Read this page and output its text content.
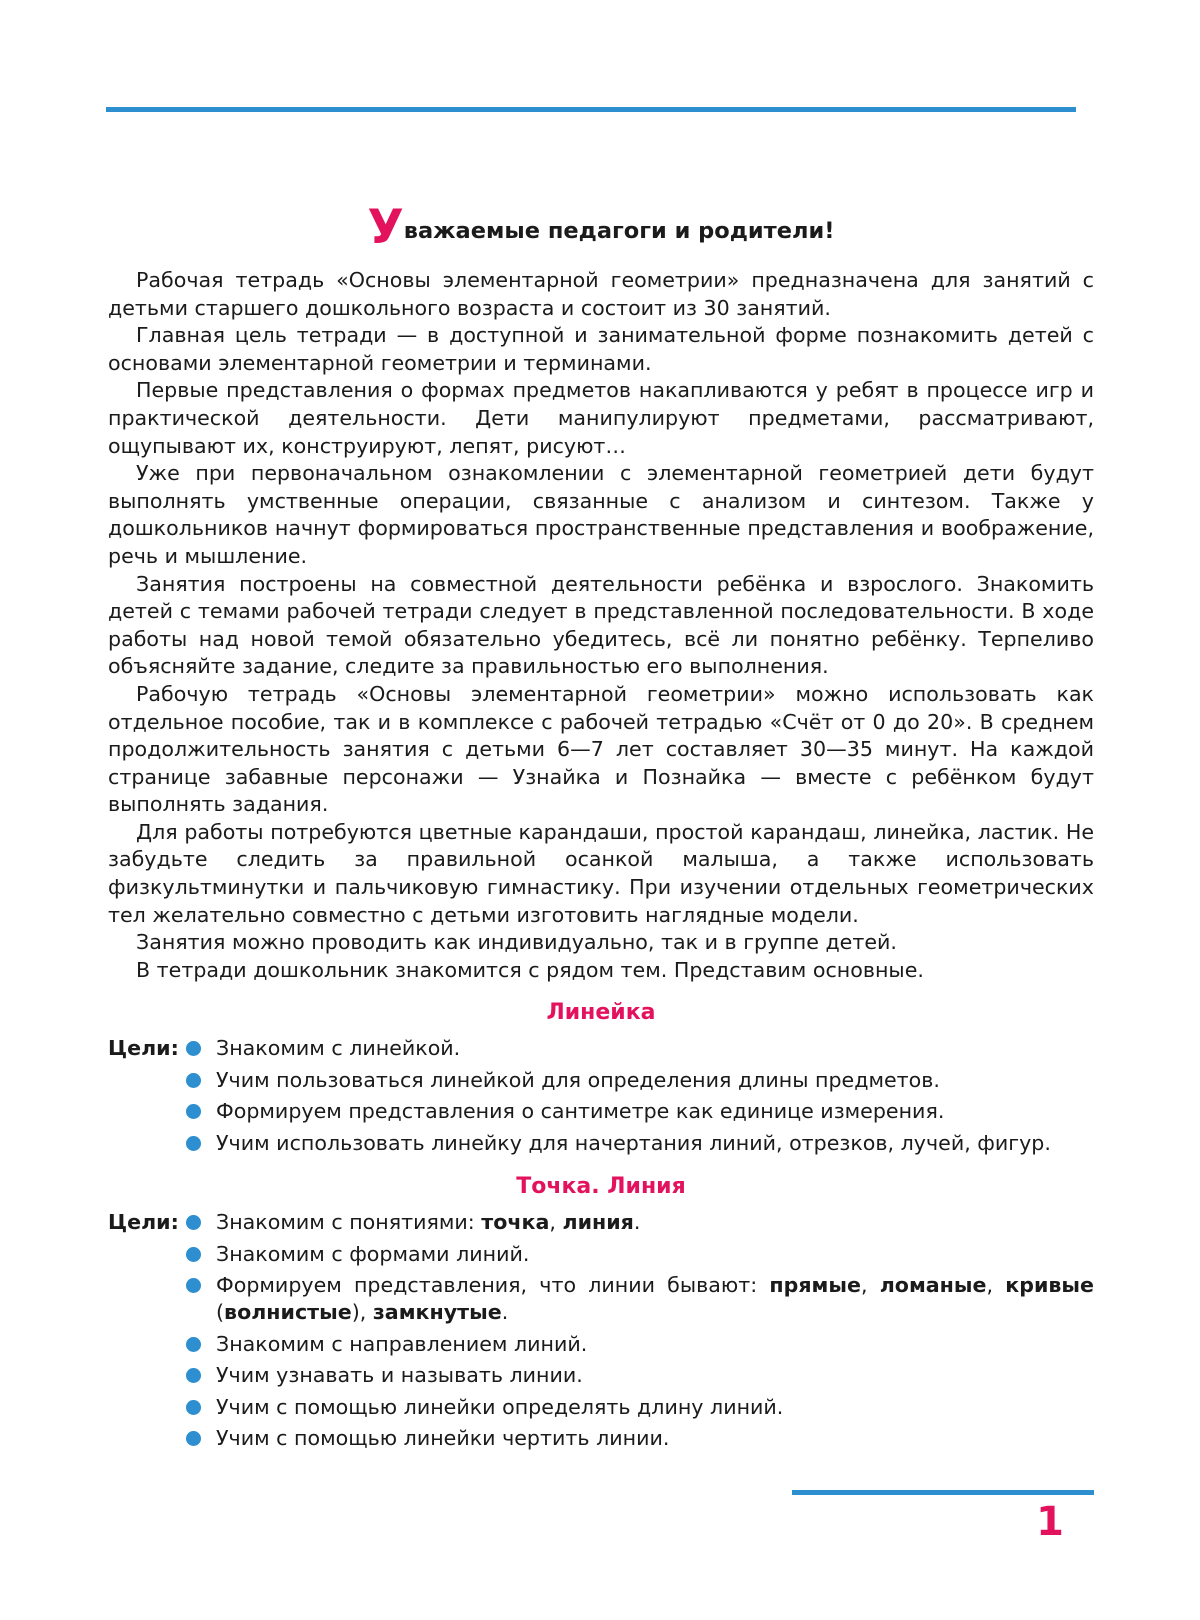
Уважаемые педагоги и родители!

Рабочая тетрадь «Основы элементарной геометрии» предназначена для занятий с детьми старшего дошкольного возраста и состоит из 30 занятий.

Главная цель тетради — в доступной и занимательной форме познакомить детей с основами элементарной геометрии и терминами.

Первые представления о формах предметов накапливаются у ребят в процессе игр и практической деятельности. Дети манипулируют предметами, рассматривают, ощупывают их, конструируют, лепят, рисуют…

Уже при первоначальном ознакомлении с элементарной геометрией дети будут выполнять умственные операции, связанные с анализом и синтезом. Также у дошкольников начнут формироваться пространственные представления и воображение, речь и мышление.

Занятия построены на совместной деятельности ребёнка и взрослого. Знакомить детей с темами рабочей тетради следует в представленной последовательности. В ходе работы над новой темой обязательно убедитесь, всё ли понятно ребёнку. Терпеливо объясняйте задание, следите за правильностью его выполнения.

Рабочую тетрадь «Основы элементарной геометрии» можно использовать как отдельное пособие, так и в комплексе с рабочей тетрадью «Счёт от 0 до 20». В среднем продолжительность занятия с детьми 6—7 лет составляет 30—35 минут. На каждой странице забавные персонажи — Узнайка и Познайка — вместе с ребёнком будут выполнять задания.

Для работы потребуются цветные карандаши, простой карандаш, линейка, ластик. Не забудьте следить за правильной осанкой малыша, а также использовать физкультминутки и пальчиковую гимнастику. При изучении отдельных геометрических тел желательно совместно с детьми изготовить наглядные модели.

Занятия можно проводить как индивидуально, так и в группе детей.

В тетради дошкольник знакомится с рядом тем. Представим основные.

Линейка
Цели:	Знакомим с линейкой.
Учим пользоваться линейкой для определения длины предметов.
Формируем представления о сантиметре как единице измерения.
Учим использовать линейку для начертания линий, отрезков, лучей, фигур.
Точка. Линия
Цели:	Знакомим с понятиями: точка, линия.
Знакомим с формами линий.
Формируем представления, что линии бывают: прямые, ломаные, кривые (волнистые), замкнутые.
Знакомим с направлением линий.
Учим узнавать и называть линии.
Учим с помощью линейки определять длину линий.
Учим с помощью линейки чертить линии.
1
